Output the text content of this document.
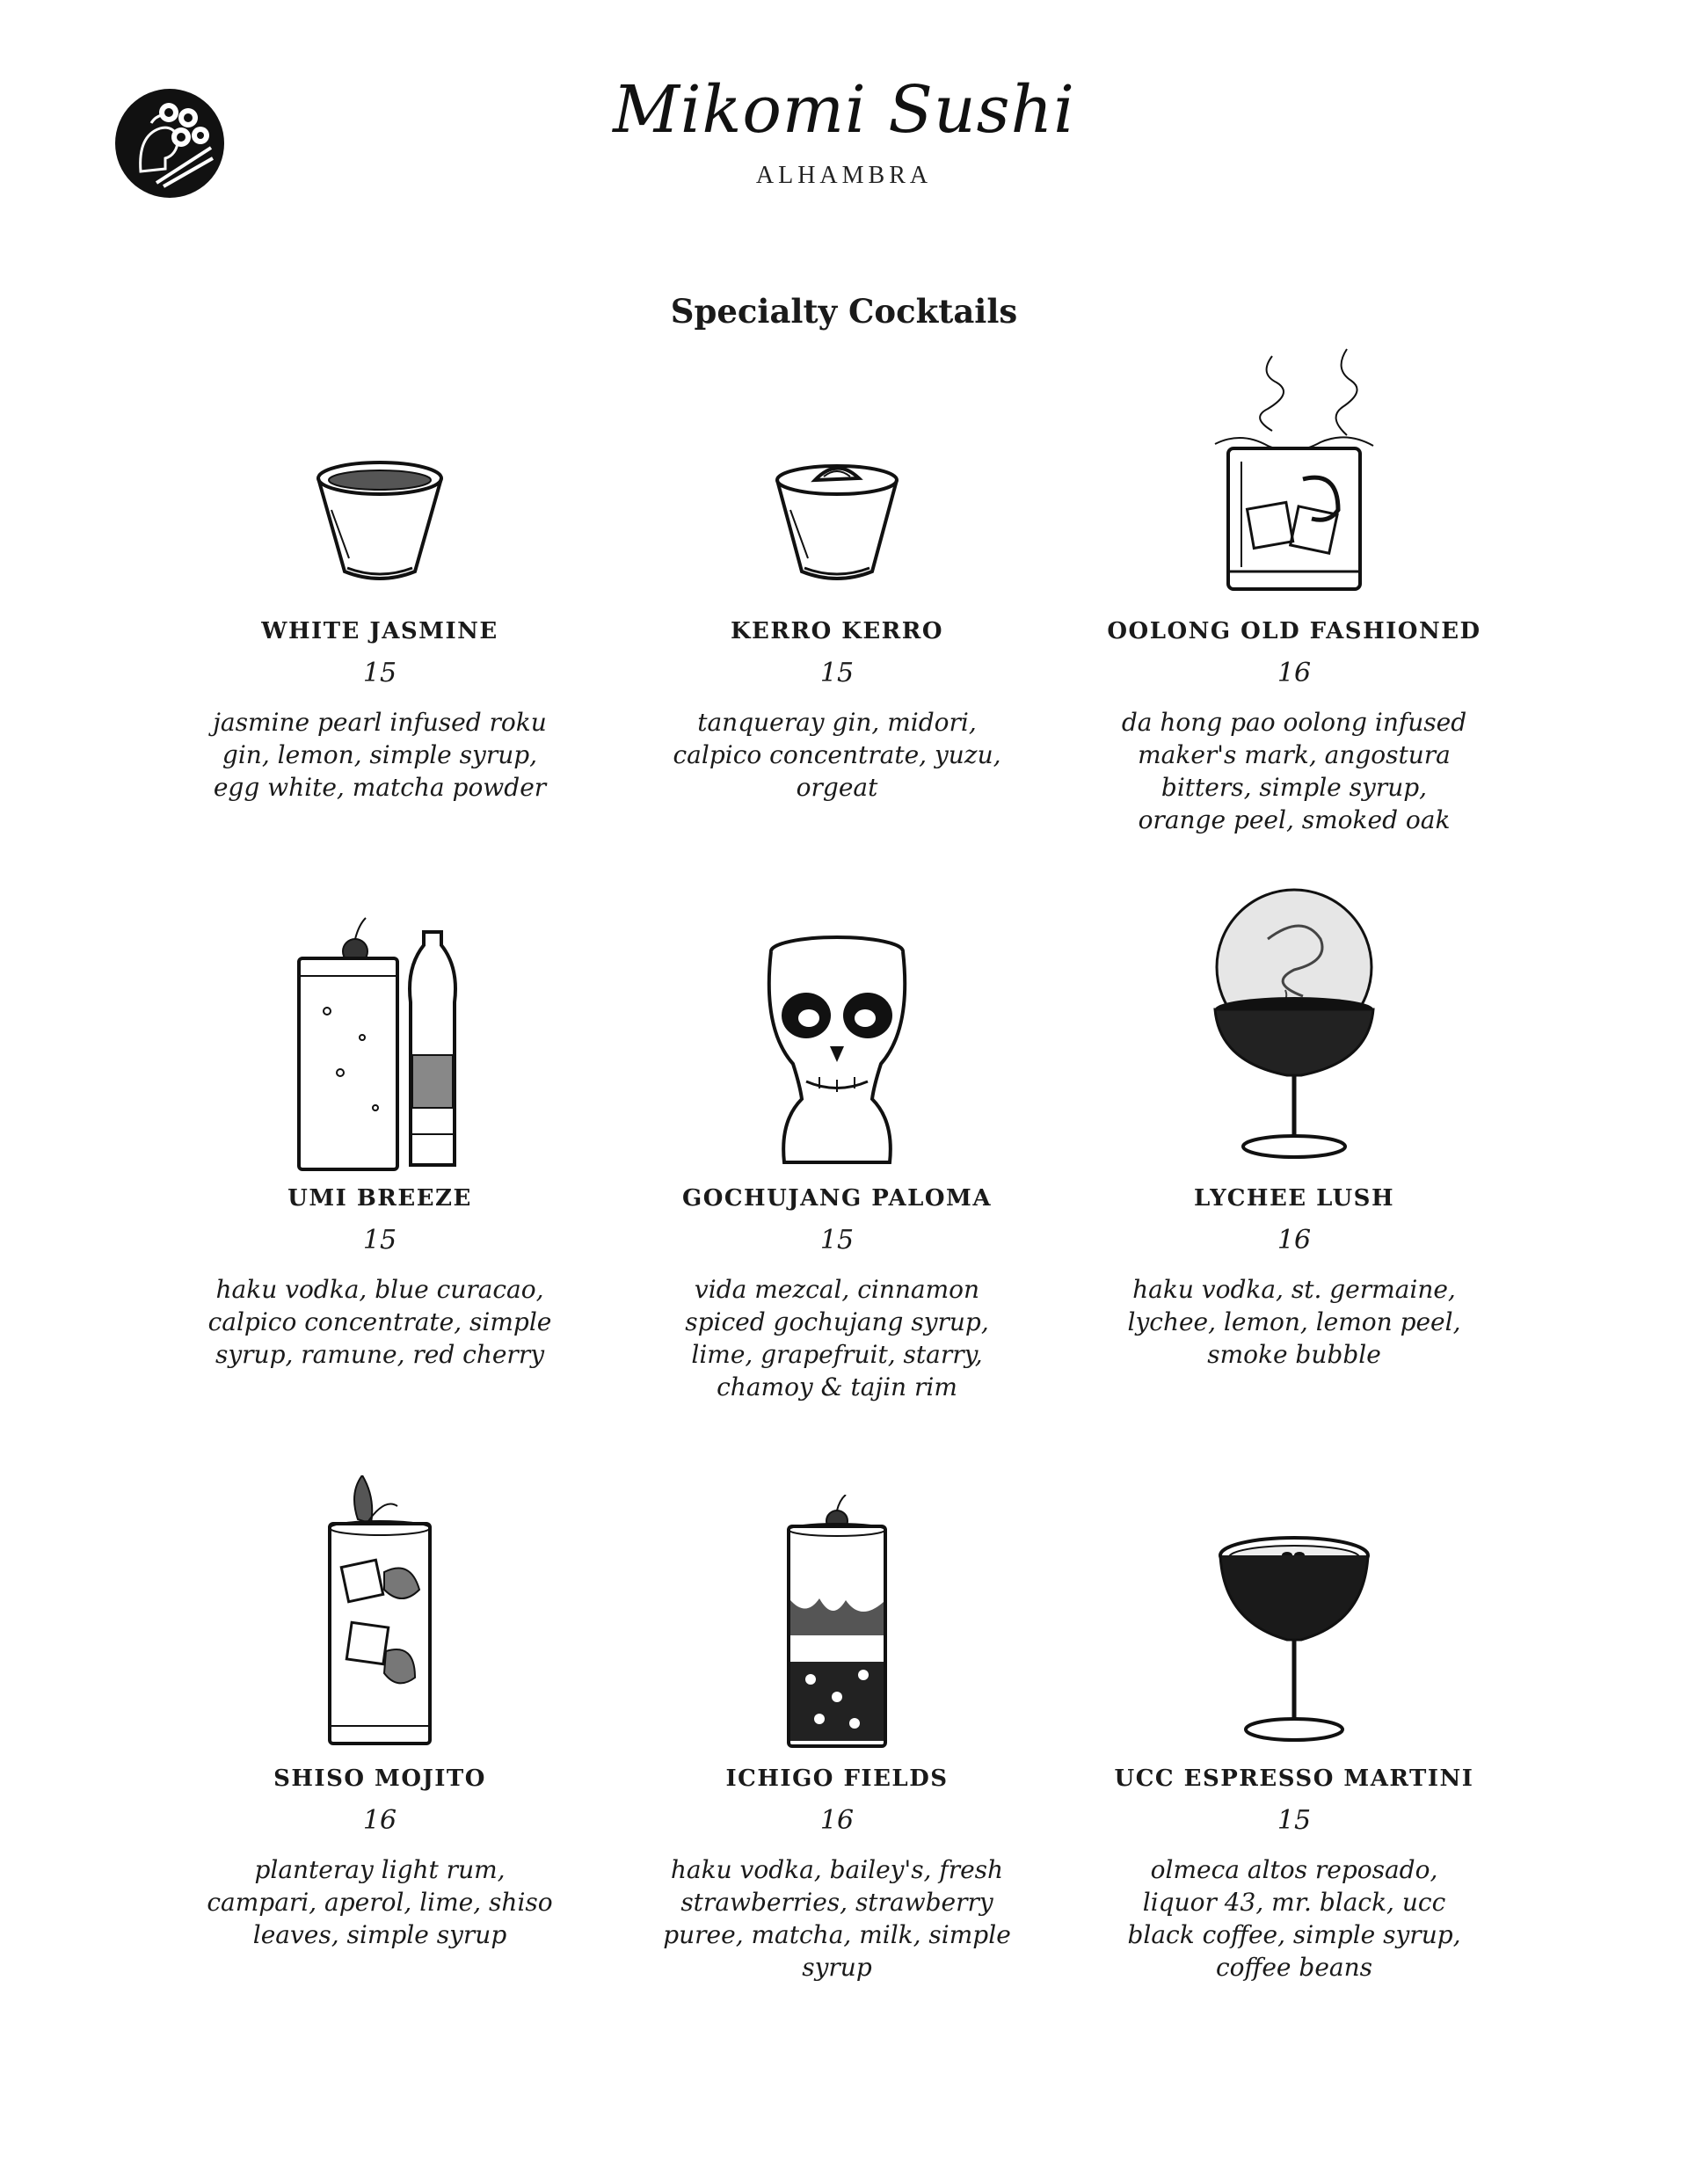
Mikomi Sushi
ALHAMBRA
Specialty Cocktails
WHITE JASMINE
15
jasmine pearl infused roku gin, lemon, simple syrup, egg white, matcha powder
KERRO KERRO
15
tanqueray gin, midori, calpico concentrate, yuzu, orgeat
OOLONG OLD FASHIONED
16
da hong pao oolong infused maker's mark, angostura bitters, simple syrup, orange peel, smoked oak
UMI BREEZE
15
haku vodka, blue curacao, calpico concentrate, simple syrup, ramune, red cherry
GOCHUJANG PALOMA
15
vida mezcal, cinnamon spiced gochujang syrup, lime, grapefruit, starry, chamoy & tajin rim
LYCHEE LUSH
16
haku vodka, st. germaine, lychee, lemon, lemon peel, smoke bubble
SHISO MOJITO
16
planteray light rum, campari, aperol, lime, shiso leaves, simple syrup
ICHIGO FIELDS
16
haku vodka, bailey's, fresh strawberries, strawberry puree, matcha, milk, simple syrup
UCC ESPRESSO MARTINI
15
olmeca altos reposado, liquor 43, mr. black, ucc black coffee, simple syrup, coffee beans
